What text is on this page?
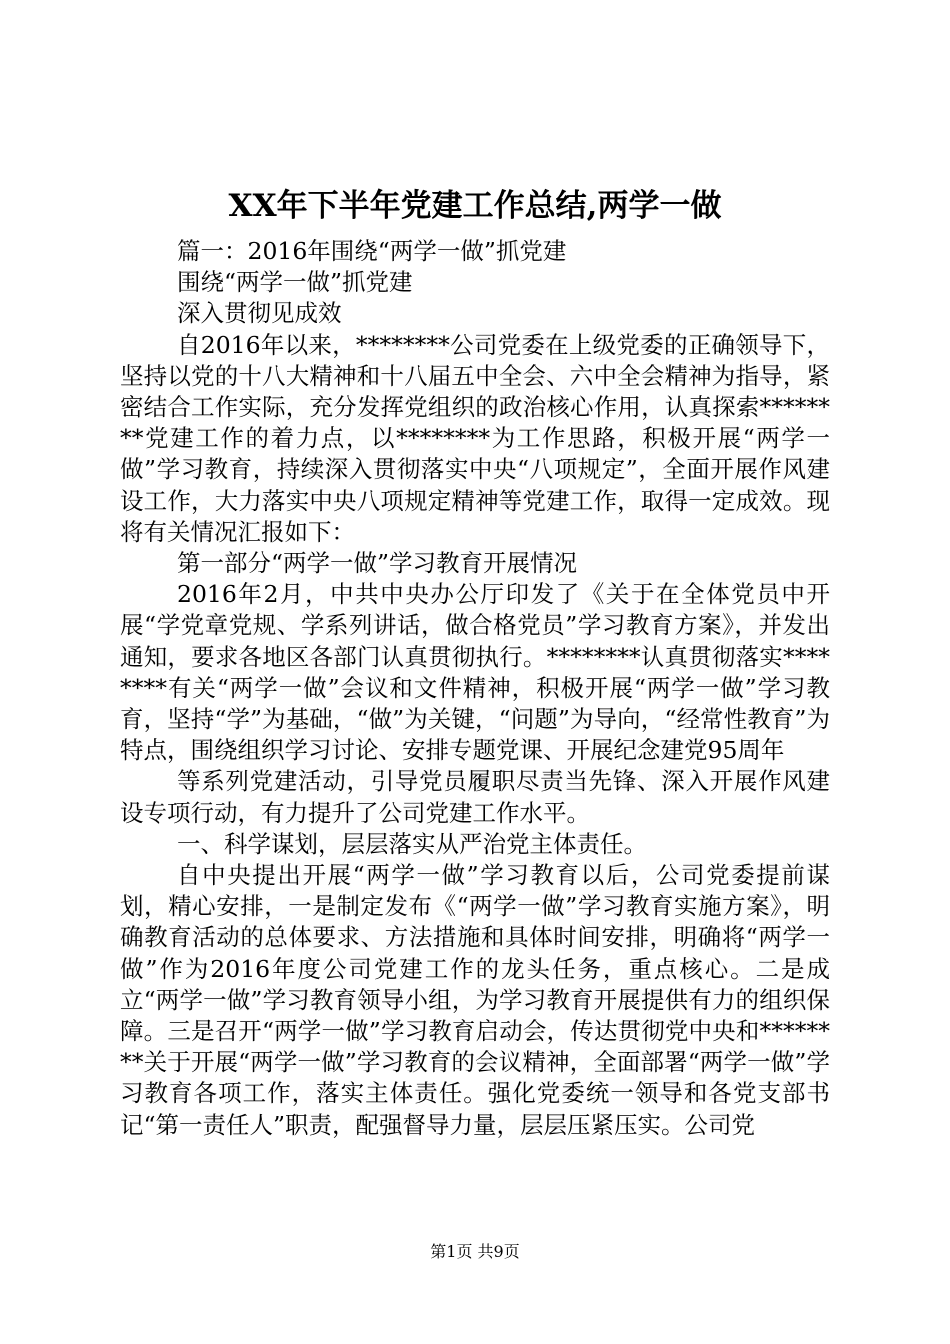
XX年下半年党建工作总结,两学一做

篇一：2016年围绕“两学一做”抓党建

围绕“两学一做”抓党建

深入贯彻见成效

自2016年以来，********公司党委在上级党委的正确领导下，坚持以党的十八大精神和十八届五中全会、六中全会精神为指导，紧密结合工作实际，充分发挥党组织的政治核心作用，认真探索********党建工作的着力点，以********为工作思路，积极开展“两学一做”学习教育，持续深入贯彻落实中央“八项规定”，全面开展作风建设工作，大力落实中央八项规定精神等党建工作，取得一定成效。现将有关情况汇报如下：

第一部分“两学一做”学习教育开展情况

2016年2月，中共中央办公厅印发了《关于在全体党员中开展“学党章党规、学系列讲话，做合格党员”学习教育方案》，并发出通知，要求各地区各部门认真贯彻执行。********认真贯彻落实********有关“两学一做”会议和文件精神，积极开展“两学一做”学习教育，坚持“学”为基础，“做”为关键，“问题”为导向，“经常性教育”为特点，围绕组织学习讨论、安排专题党课、开展纪念建党95周年

等系列党建活动，引导党员履职尽责当先锋、深入开展作风建设专项行动，有力提升了公司党建工作水平。

一、科学谋划，层层落实从严治党主体责任。

自中央提出开展“两学一做”学习教育以后，公司党委提前谋划，精心安排，一是制定发布《“两学一做”学习教育实施方案》，明确教育活动的总体要求、方法措施和具体时间安排，明确将“两学一做”作为2016年度公司党建工作的龙头任务，重点核心。二是成立“两学一做”学习教育领导小组，为学习教育开展提供有力的组织保障。三是召开“两学一做”学习教育启动会，传达贯彻党中央和********关于开展“两学一做”学习教育的会议精神，全面部署“两学一做”学习教育各项工作，落实主体责任。强化党委统一领导和各党支部书记“第一责任人”职责，配强督导力量，层层压紧压实。公司党

第1页 共9页
